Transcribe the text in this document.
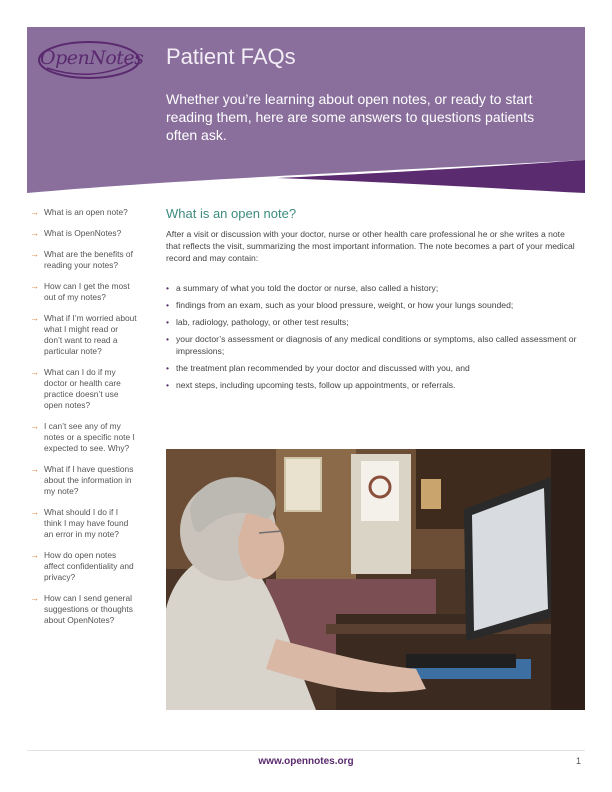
OpenNotes Patient FAQs
Whether you’re learning about open notes, or ready to start reading them, here are some answers to questions patients often ask.
→ What is an open note?
→ What is OpenNotes?
→ What are the benefits of reading your notes?
→ How can I get the most out of my notes?
→ What if I’m worried about what I might read or don’t want to read a particular note?
→ What can I do if my doctor or health care practice doesn’t use open notes?
→ I can’t see any of my notes or a specific note I expected to see. Why?
→ What if I have questions about the information in my note?
→ What should I do if I think I may have found an error in my note?
→ How do open notes affect confidentiality and privacy?
→ How can I send general suggestions or thoughts about OpenNotes?
What is an open note?
After a visit or discussion with your doctor, nurse or other health care professional he or she writes a note that reflects the visit, summarizing the most important information. The note becomes a part of your medical record and may contain:
• a summary of what you told the doctor or nurse, also called a history;
• findings from an exam, such as your blood pressure, weight, or how your lungs sounded;
• lab, radiology, pathology, or other test results;
• your doctor’s assessment or diagnosis of any medical conditions or symptoms, also called assessment or impressions;
• the treatment plan recommended by your doctor and discussed with you, and
• next steps, including upcoming tests, follow up appointments, or referrals.
www.opennotes.org	1
